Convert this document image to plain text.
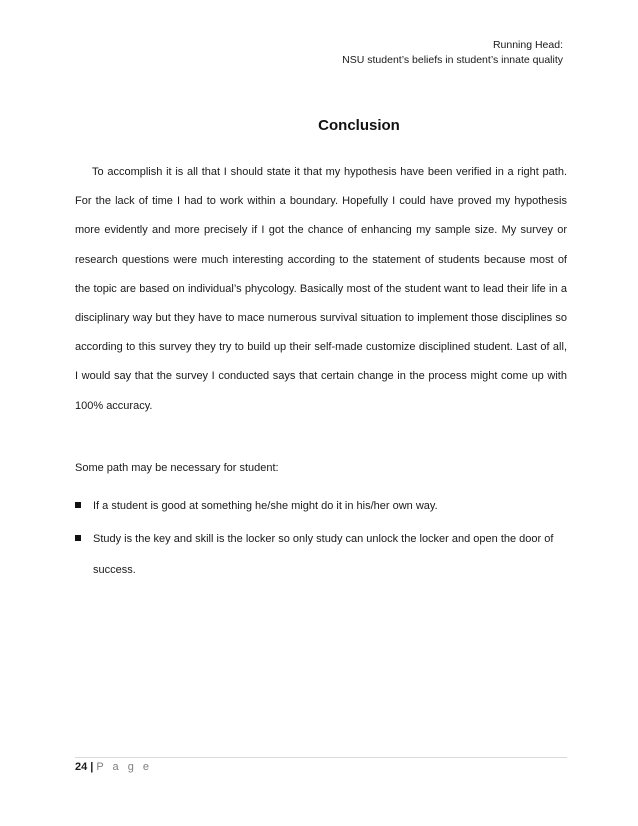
Running Head:
NSU student’s beliefs in student’s innate quality
Conclusion

To accomplish it is all that I should state it that my hypothesis have been verified in a right path. For the lack of time I had to work within a boundary. Hopefully I could have proved my hypothesis more evidently and more precisely if I got the chance of enhancing my sample size. My survey or research questions were much interesting according to the statement of students because most of the topic are based on individual’s phycology. Basically most of the student want to lead their life in a disciplinary way but they have to mace numerous survival situation to implement those disciplines so according to this survey they try to build up their self-made customize disciplined student. Last of all, I would say that the survey I conducted says that certain change in the process might come up with 100% accuracy.

Some path may be necessary for student:
If a student is good at something he/she might do it in his/her own way.
Study is the key and skill is the locker so only study can unlock the locker and open the door of success.
24 | P a g e
